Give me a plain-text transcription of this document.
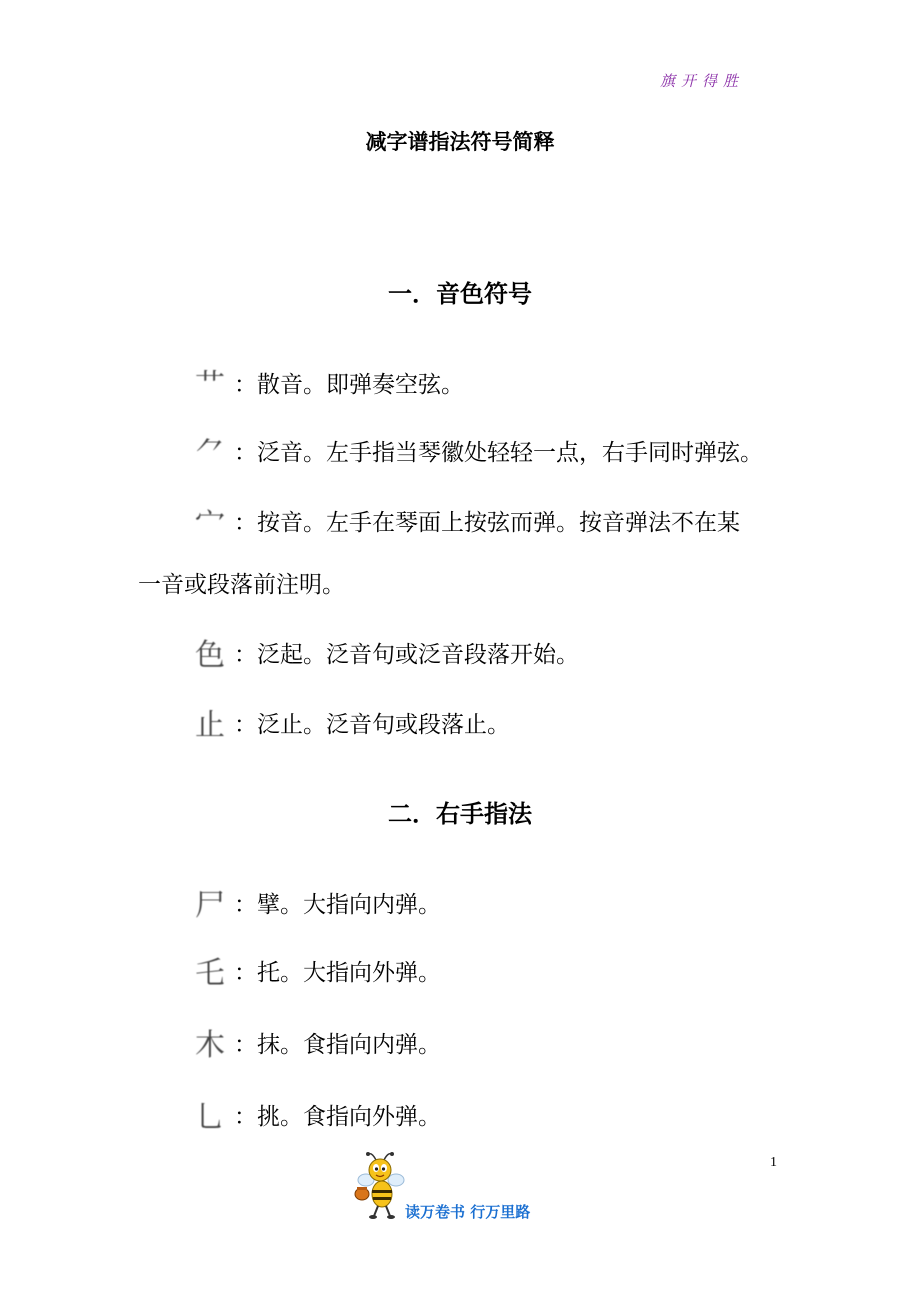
旗开得胜
减字谱指法符号简释
一．音色符号
艹 ：散音。即弹奏空弦。
⺈ ：泛音。左手指当琴徽处轻轻一点，右手同时弹弦。
宀 ：按音。左手在琴面上按弦而弹。按音弹法不在某
一音或段落前注明。
色 ：泛起。泛音句或泛音段落开始。
止 ：泛止。泛音句或段落止。
二．右手指法
尸 ：擘。大指向内弹。
乇 ：托。大指向外弹。
木 ：抹。食指向内弹。
乚 ：挑。食指向外弹。
1
读万卷书 行万里路
